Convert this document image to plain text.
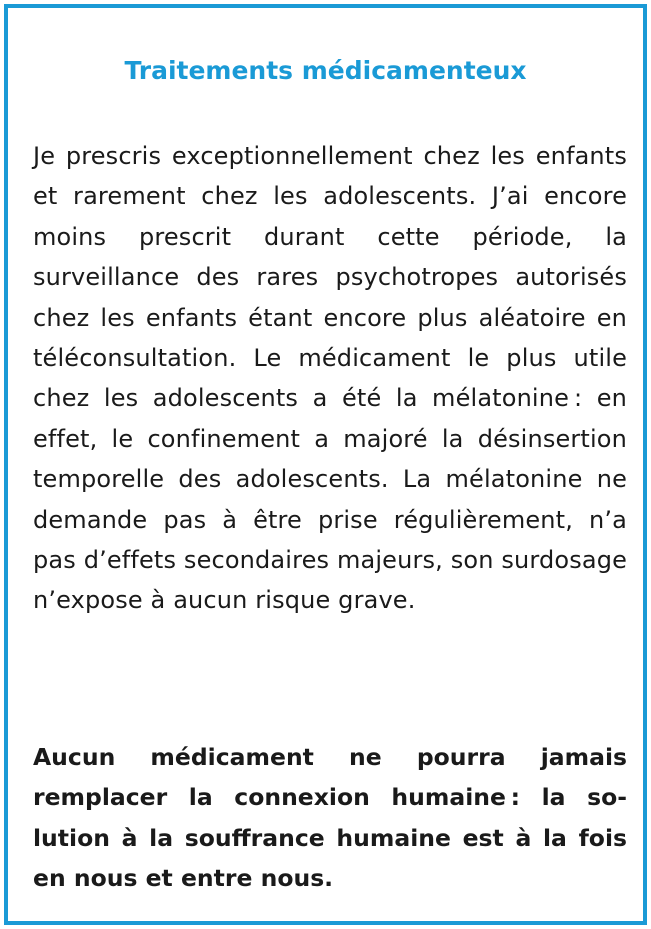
Traitements médicamenteux

Je prescris exceptionnellement chez les enfants et rarement chez les adolescents. J’ai encore moins prescrit durant cette période, la surveillance des rares psychotropes autorisés chez les enfants étant encore plus aléatoire en téléconsultation. Le médicament le plus utile chez les adolescents a été la mélatonine : en effet, le confinement a majoré la désinsertion temporelle des adolescents. La mélatonine ne demande pas à être prise régulièrement, n’a pas d’effets secondaires majeurs, son surdosage n’expose à aucun risque grave.

Aucun médicament ne pourra jamais remplacer la connexion humaine : la solution à la souffrance humaine est à la fois en nous et entre nous.
